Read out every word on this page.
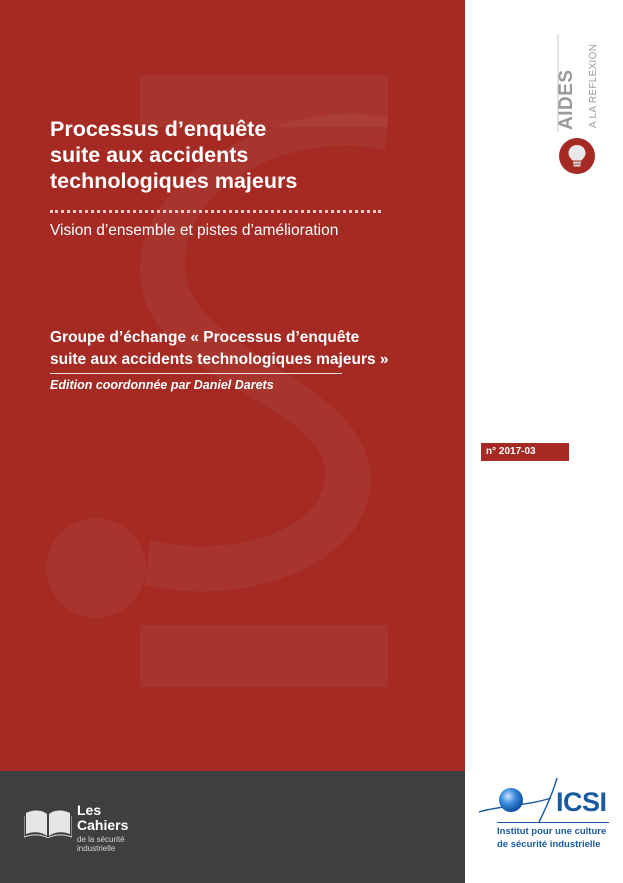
Processus d’enquête
suite aux accidents
technologiques majeurs

Vision d’ensemble et pistes d’amélioration

Groupe d’échange « Processus d’enquête
suite aux accidents technologiques majeurs »

Edition coordonnée par Daniel Darets

n° 2017-03
AIDES A LA REFLEXION
Les
Cahiers
de la sécurité
industrielle
ICSI
Institut pour une culture
de sécurité industrielle
